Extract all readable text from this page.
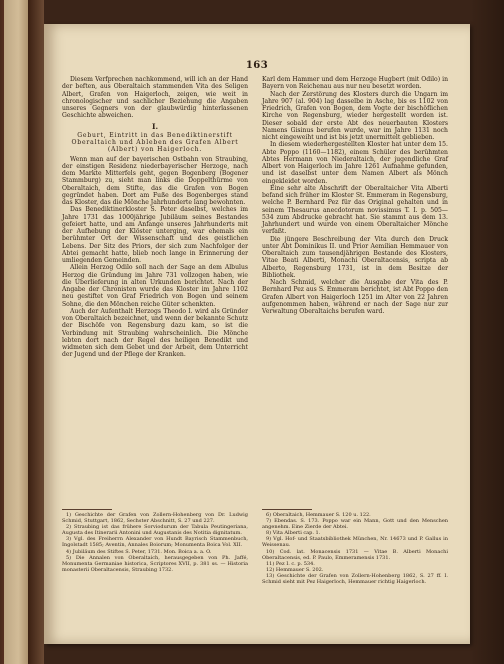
163

Diesem Verfprechen nachkommend, will ich an der Hand der beften, aus Oberaltaich stammenden Vita des Seligen Albert, Grafen von Haigerloch, zeigen, wie weit in chronologischer und sachlicher Beziehung die Angaben unseres Gegners von der glaubwürdig hinterlassenen Geschichte abweichen.

I.
Geburt, Eintritt in das Benediktinerstift Oberaltaich und Ableben des Grafen Albert (Albert) von Haigerloch.

Wenn man auf der bayerischen Ostbahn von Straubing, der einstigen Residenz niederbayerischer Herzoge, nach dem Markte Mitterfels geht, gegen Bogenberg (Bogener Stammburg) zu, sieht man links die Doppelthürme von Oberaltaich, dem Stifte, das die Grafen von Bogen gegründet haben. Dort am Fuße des Bogenberges stand das Kloster, das die Mönche Jahrhunderte lang bewohnten.

Das Benediktinerkloster S. Peter daselbst, welches im Jahre 1731 das 1000jährige Jubiläum seines Bestandes gefeiert hatte, und am Anfange unseres Jahrhunderts mit der Aufhebung der Klöster unterging, war ehemals ein berühmter Ort der Wissenschaft und des geistlichen Lebens. Der Sitz des Priors, der sich zum Nachfolger der Abtei gemacht hatte, blieb noch lange in Erinnerung der umliegenden Gemeinden.

Allein Herzog Odilo soll nach der Sage an dem Albulus Herzog die Gründung im Jahre 731 vollzogen haben, wie die Überlieferung in alten Urkunden berichtet. Nach der Angabe der Chronisten wurde das Kloster im Jahre 1102 neu gestiftet von Graf Friedrich von Bogen und seinem Sohne, die den Mönchen reiche Güter schenkten.

Auch der Aufenthalt Herzogs Theodo I. wird als Gründer von Oberaltaich bezeichnet, und wenn der bekannte Schutz der Bischöfe von Regensburg dazu kam, so ist die Verbindung mit Straubing wahrscheinlich. Die Mönche lebten dort nach der Regel des heiligen Benedikt und widmeten sich dem Gebet und der Arbeit, dem Unterricht der Jugend und der Pflege der Kranken.

Karl dem Hammer und dem Herzoge Hugbert (mit Odilo) in Bayern von Reichenau aus nur neu besetzt worden.

Nach der Zerstörung des Klosters durch die Ungarn im Jahre 907 (al. 904) lag dasselbe in Asche, bis es 1102 von Friedrich, Grafen von Bogen, dem Vogte der bischöflichen Kirche von Regensburg, wieder hergestellt worden ist. Dieser sobald der erste Abt des neuerbauten Klosters Namens Gisinus berufen wurde, war im Jahre 1131 noch nicht eingeweiht und ist bis jetzt unermittelt geblieben.

In diesem wiederhergestellten Kloster hat unter dem 15. Abte Poppo (1160—1182), einem Schüler des berühmten Abtes Hermann von Niederaltaich, der jugendliche Graf Albert von Haigerloch im Jahre 1261 Aufnahme gefunden, und ist daselbst unter dem Namen Albert als Mönch eingekleidet worden.

Eine sehr alte Abschrift der Oberaltaicher Vita Alberti befand sich früher im Kloster St. Emmeram in Regensburg, welche P. Bernhard Pez für das Original gehalten und in seinem Thesaurus anecdotorum novissimus T. I. p. 505—534 zum Abdrucke gebracht hat. Sie stammt aus dem 13. Jahrhundert und wurde von einem Oberaltaicher Mönche verfaßt.

Die jüngere Beschreibung der Vita durch den Druck unter Abt Dominikus II. und Prior Aemilian Hemmauer von Oberaltaich zum tausendjährigen Bestande des Klosters, Vitae Beati Alberti, Monachi Oberaltacensis, scripta ab Alberto, Regensburg 1731, ist in dem Besitze der Bibliothek.

Nach Schmid, welcher die Ausgabe der Vita des P. Bernhard Pez aus S. Emmeram berichtet, ist Abt Poppo den Grafen Albert von Haigerloch 1251 im Alter von 22 Jahren aufgenommen haben, während er nach der Sage nur zur Verwaltung Oberaltaichs berufen ward.

1) Geschichte der Grafen von Zollern-Hohenberg von Dr. Ludwig Schmid, Stuttgart, 1862, Sechster Abschnitt, S. 27 und 227.

2) Straubing ist das frühere Sorviodurum der Tabula Peutingeriana, Augusta des Itinerarii Antonini und Augustanis des Notitia dignitatum.

3) Vgl. des Freiherrn Alexander von Hundt Bayrisch Stammenbuch, Ingolstadt 1585; Aventin, Annales Boiorum; Monumenta Boica Vol. XII.

4) Jubiläum des Stiftes S. Peter, 1731. Mon. Boica a. a. O.

5) Die Annalen von Oberaltaich, herausgegeben von Ph. Jaffé, Monumenta Germaniae historica, Scriptores XVII, p. 381 ss. — Historia monasterii Oberaltacensis, Straubing 1732.

6) Oberaltaich, Hemmauer S. 120 u. 122.

7) Ebendas. S. 173. Poppo war ein Mann, Gott und den Menschen angenehm. Eine Zierde der Abtei.

8) Vita Alberti cap. 1.

9) Vgl. Hof- und Staatsbibliothek München, Nr. 14673 und P. Gallus in Weissenau.

10) Cod. lat. Monacensis 1731 — Vitae B. Alberti Monachi Oberaltacensis, ed. P. Paulo, Emmeramensis 1731.

11) Pez I. c. p. 534.

12) Hemmauer S. 202.

13) Geschichte der Grafen von Zollern-Hohenberg 1862, S. 27 ff. I. Schmid sieht mit Pez Haigerloch, Hemmauer richtig Haigerloch.
